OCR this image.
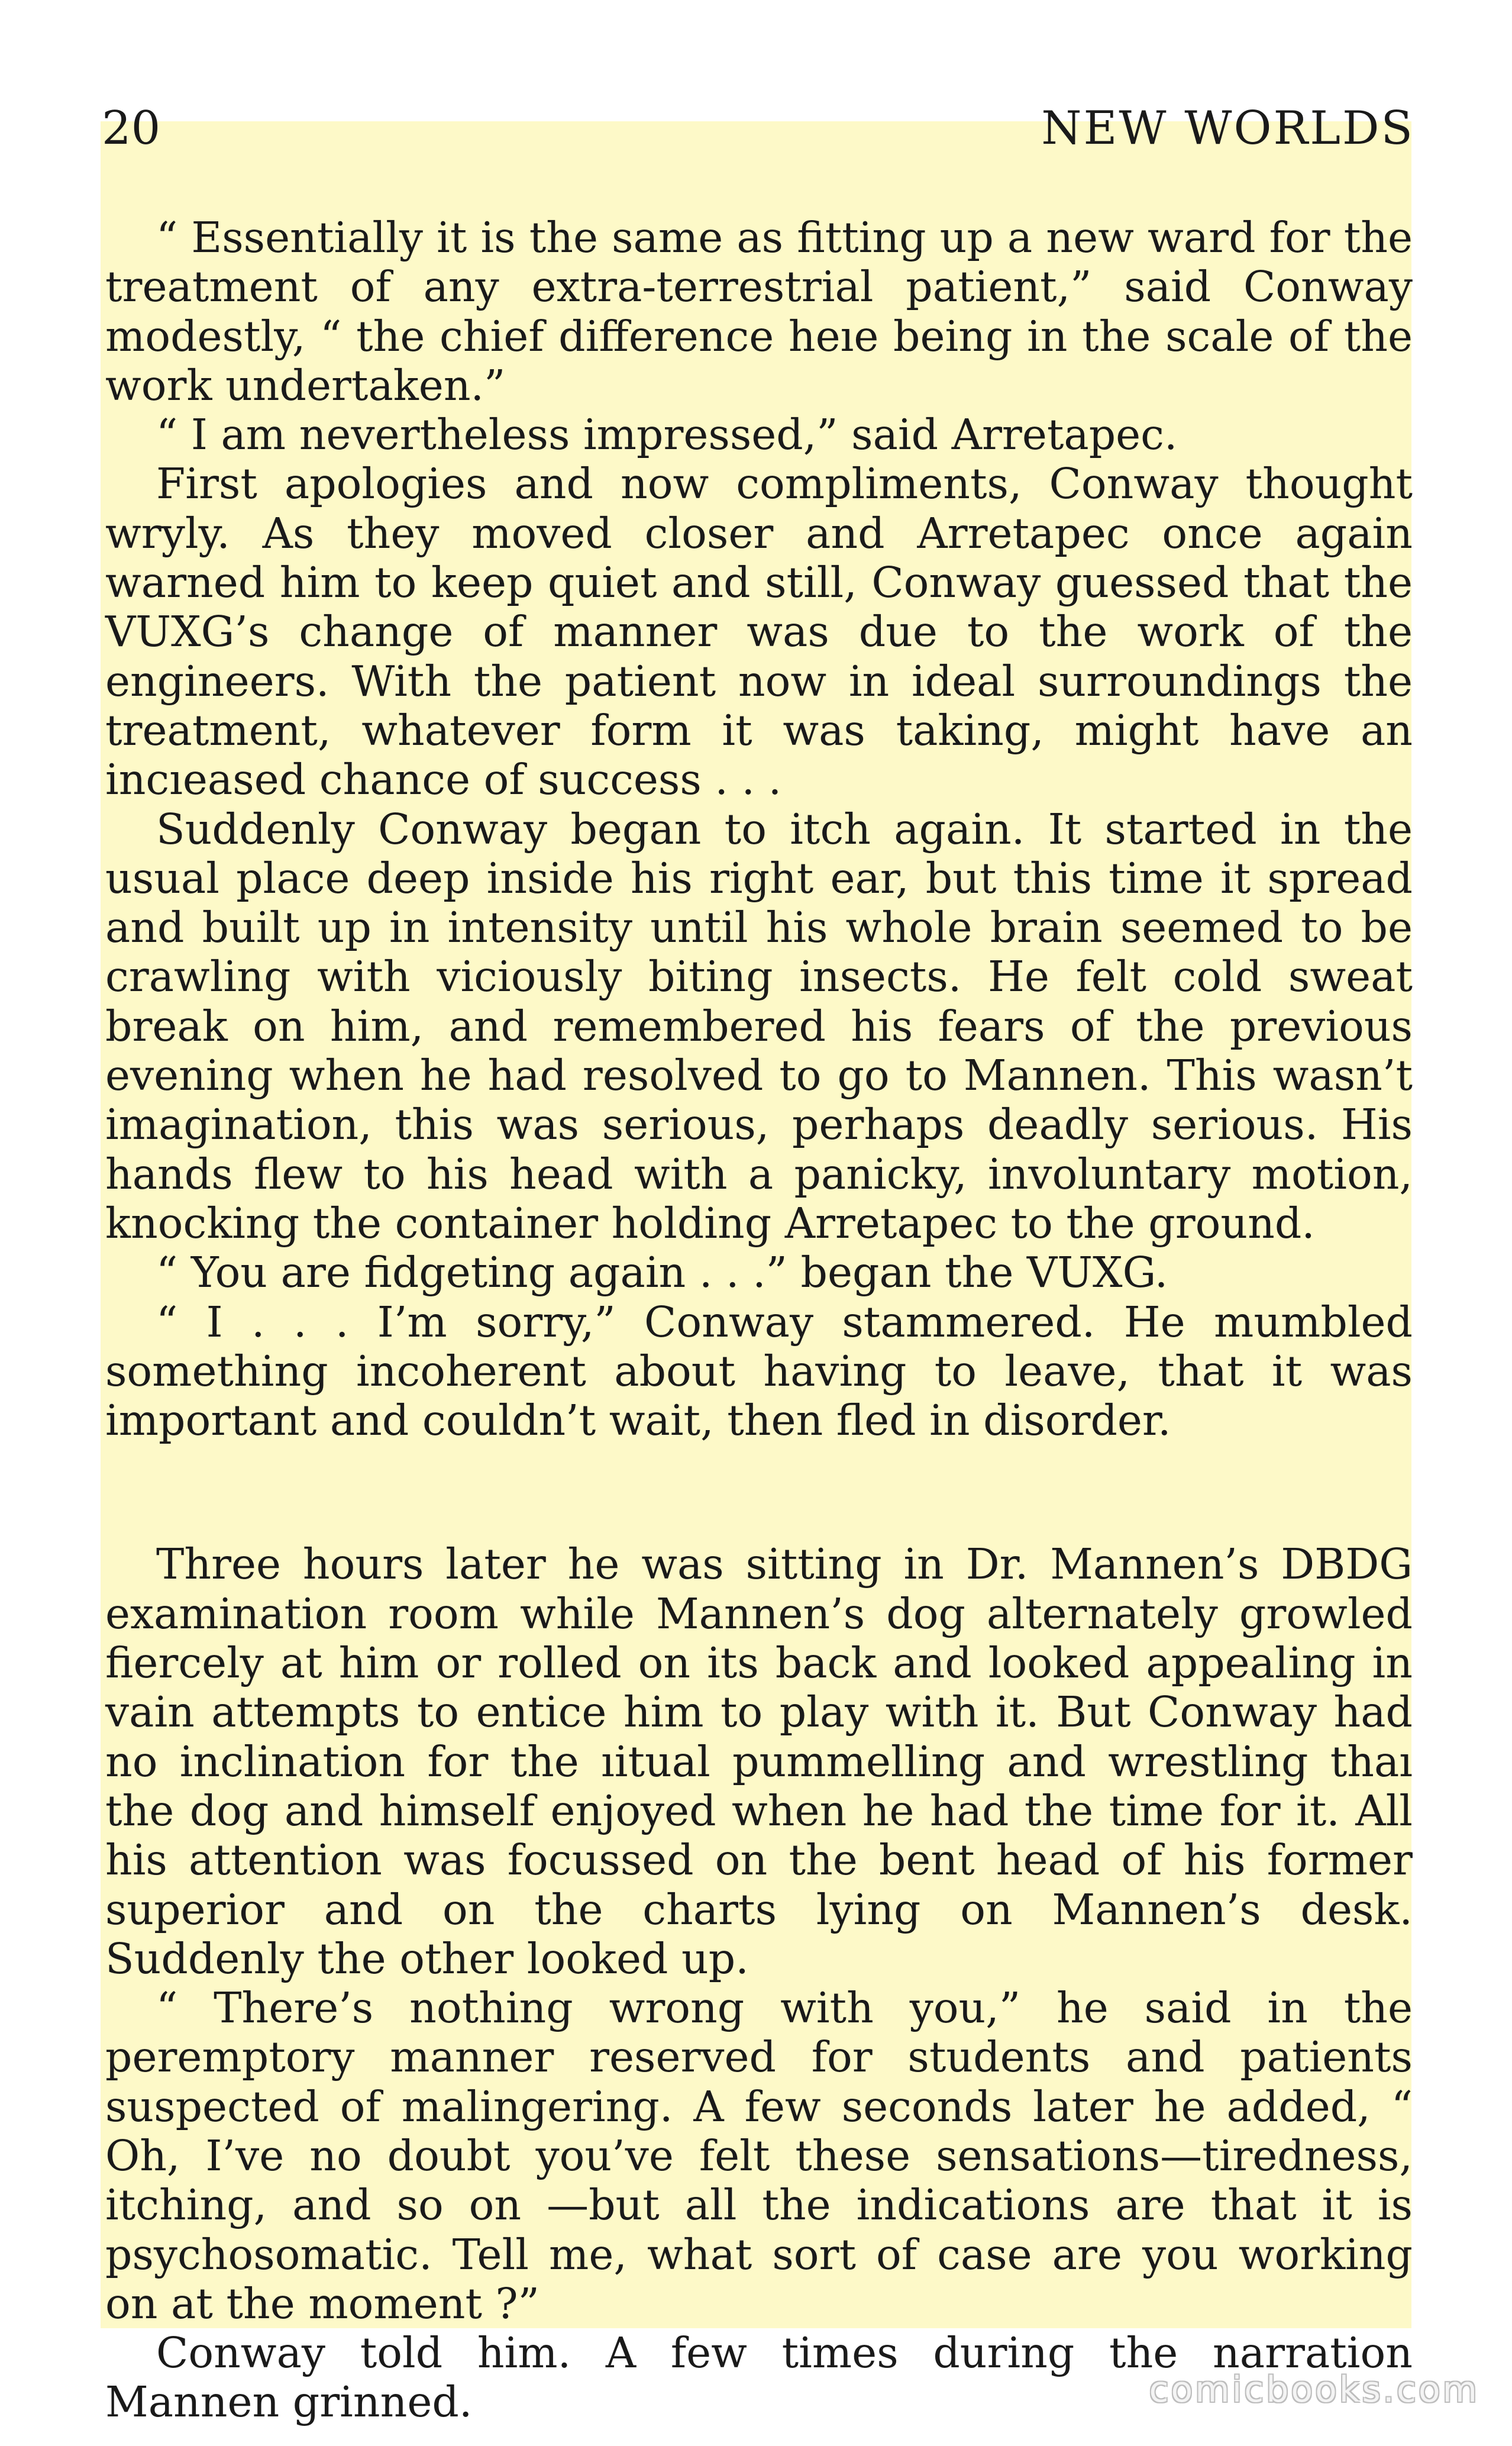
20	NEW WORLDS

“ Essentially it is the same as fitting up a new ward for the treatment of any extra-terrestrial patient,” said Conway modestly, “ the chief difference heıe being in the scale of the work undertaken.”

“ I am nevertheless impressed,” said Arretapec.

First apologies and now compliments, Conway thought wryly. As they moved closer and Arretapec once again warned him to keep quiet and still, Conway guessed that the VUXG’s change of manner was due to the work of the engineers. With the patient now in ideal surroundings the treatment, whatever form it was taking, might have an incıeased chance of success . . .

Suddenly Conway began to itch again. It started in the usual place deep inside his right ear, but this time it spread and built up in intensity until his whole brain seemed to be crawling with viciously biting insects. He felt cold sweat break on him, and remembered his fears of the previous evening when he had resolved to go to Mannen. This wasn’t imagination, this was serious, perhaps deadly serious. His hands flew to his head with a panicky, involuntary motion, knocking the container holding Arretapec to the ground.

“ You are fidgeting again . . .” began the VUXG.

“ I . . . I’m sorry,” Conway stammered. He mumbled something incoherent about having to leave, that it was important and couldn’t wait, then fled in disorder.

Three hours later he was sitting in Dr. Mannen’s DBDG examination room while Mannen’s dog alternately growled fiercely at him or rolled on its back and looked appealing in vain attempts to entice him to play with it. But Conway had no inclination for the ıitual pummelling and wrestling thaı the dog and himself enjoyed when he had the time for it. All his attention was focussed on the bent head of his former superior and on the charts lying on Mannen’s desk. Suddenly the other looked up.

“ There’s nothing wrong with you,” he said in the peremptory manner reserved for students and patients suspected of malingering. A few seconds later he added, “ Oh, I’ve no doubt you’ve felt these sensations—tiredness, itching, and so on —but all the indications are that it is psychosomatic. Tell me, what sort of case are you working on at the moment ?”

Conway told him. A few times during the narration Mannen grinned.	comicbooks.com
